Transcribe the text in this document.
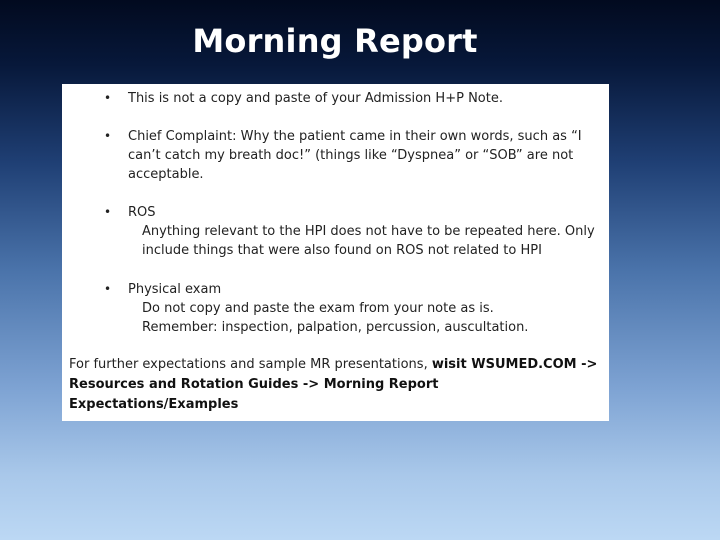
Morning Report
• This is not a copy and paste of your Admission H+P Note.
• Chief Complaint: Why the patient came in their own words, such as “I can’t catch my breath doc!” (things like “Dyspnea” or “SOB” are not acceptable.
• ROS
Anything relevant to the HPI does not have to be repeated here. Only include things that were also found on ROS not related to HPI
• Physical exam
Do not copy and paste the exam from your note as is.
Remember: inspection, palpation, percussion, auscultation.

For further expectations and sample MR presentations, wisit WSUMED.COM -> Resources and Rotation Guides -> Morning Report Expectations/Examples
